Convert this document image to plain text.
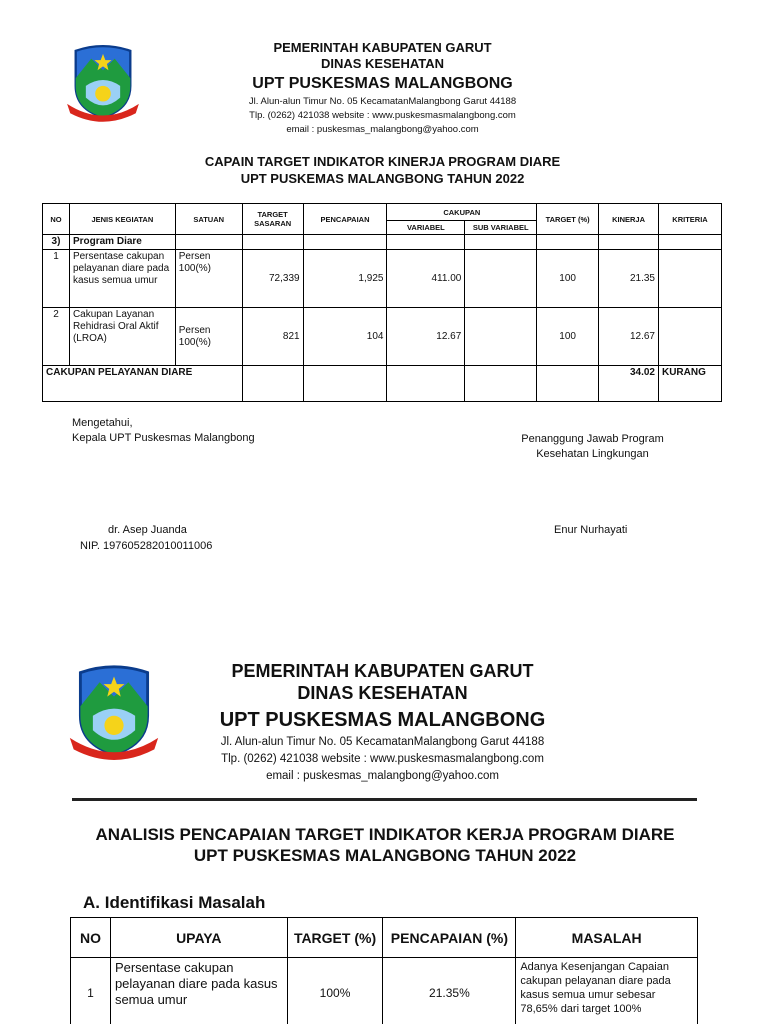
PEMERINTAH KABUPATEN GARUT
DINAS KESEHATAN
UPT PUSKESMAS MALANGBONG
Jl. Alun-alun Timur No. 05 KecamatanMalangbong Garut 44188
Tlp. (0262) 421038 website : www.puskesmasmalangbong.com
email : puskesmas_malangbong@yahoo.com
CAPAIN TARGET INDIKATOR KINERJA PROGRAM DIARE
UPT PUSKEMAS MALANGBONG TAHUN 2022
NO	JENIS KEGIATAN	SATUAN	TARGET SASARAN	PENCAPAIAN	CAKUPAN		TARGET (%)	KINERJA	KRITERIA
					VARIABEL	SUB VARIABEL			
3)	Program Diare								
1	Persentase cakupan pelayanan diare pada kasus semua umur	Persen 100(%)	72,339	1,925	411.00		100	21.35	
2	Cakupan Layanan Rehidrasi Oral Aktif (LROA)	Persen 100(%)	821	104	12.67		100	12.67	
CAKUPAN PELAYANAN DIARE								34.02	KURANG
Mengetahui,
Kepala UPT Puskesmas Malangbong	Penanggung Jawab Program
Kesehatan Lingkungan
dr. Asep Juanda
NIP. 197605282010011006
Enur Nurhayati
PEMERINTAH KABUPATEN GARUT
DINAS KESEHATAN
UPT PUSKESMAS MALANGBONG
Jl. Alun-alun Timur No. 05 KecamatanMalangbong Garut 44188
Tlp. (0262) 421038 website : www.puskesmasmalangbong.com
email : puskesmas_malangbong@yahoo.com
ANALISIS PENCAPAIAN TARGET INDIKATOR KERJA PROGRAM DIARE
UPT PUSKESMAS MALANGBONG TAHUN 2022
A. Identifikasi Masalah
NO	UPAYA	TARGET (%)	PENCAPAIAN (%)	MASALAH
1	Persentase cakupan pelayanan diare pada kasus semua umur	100%	21.35%	Adanya Kesenjangan Capaian cakupan pelayanan diare pada kasus semua umur sebesar 78,65% dari target 100%
